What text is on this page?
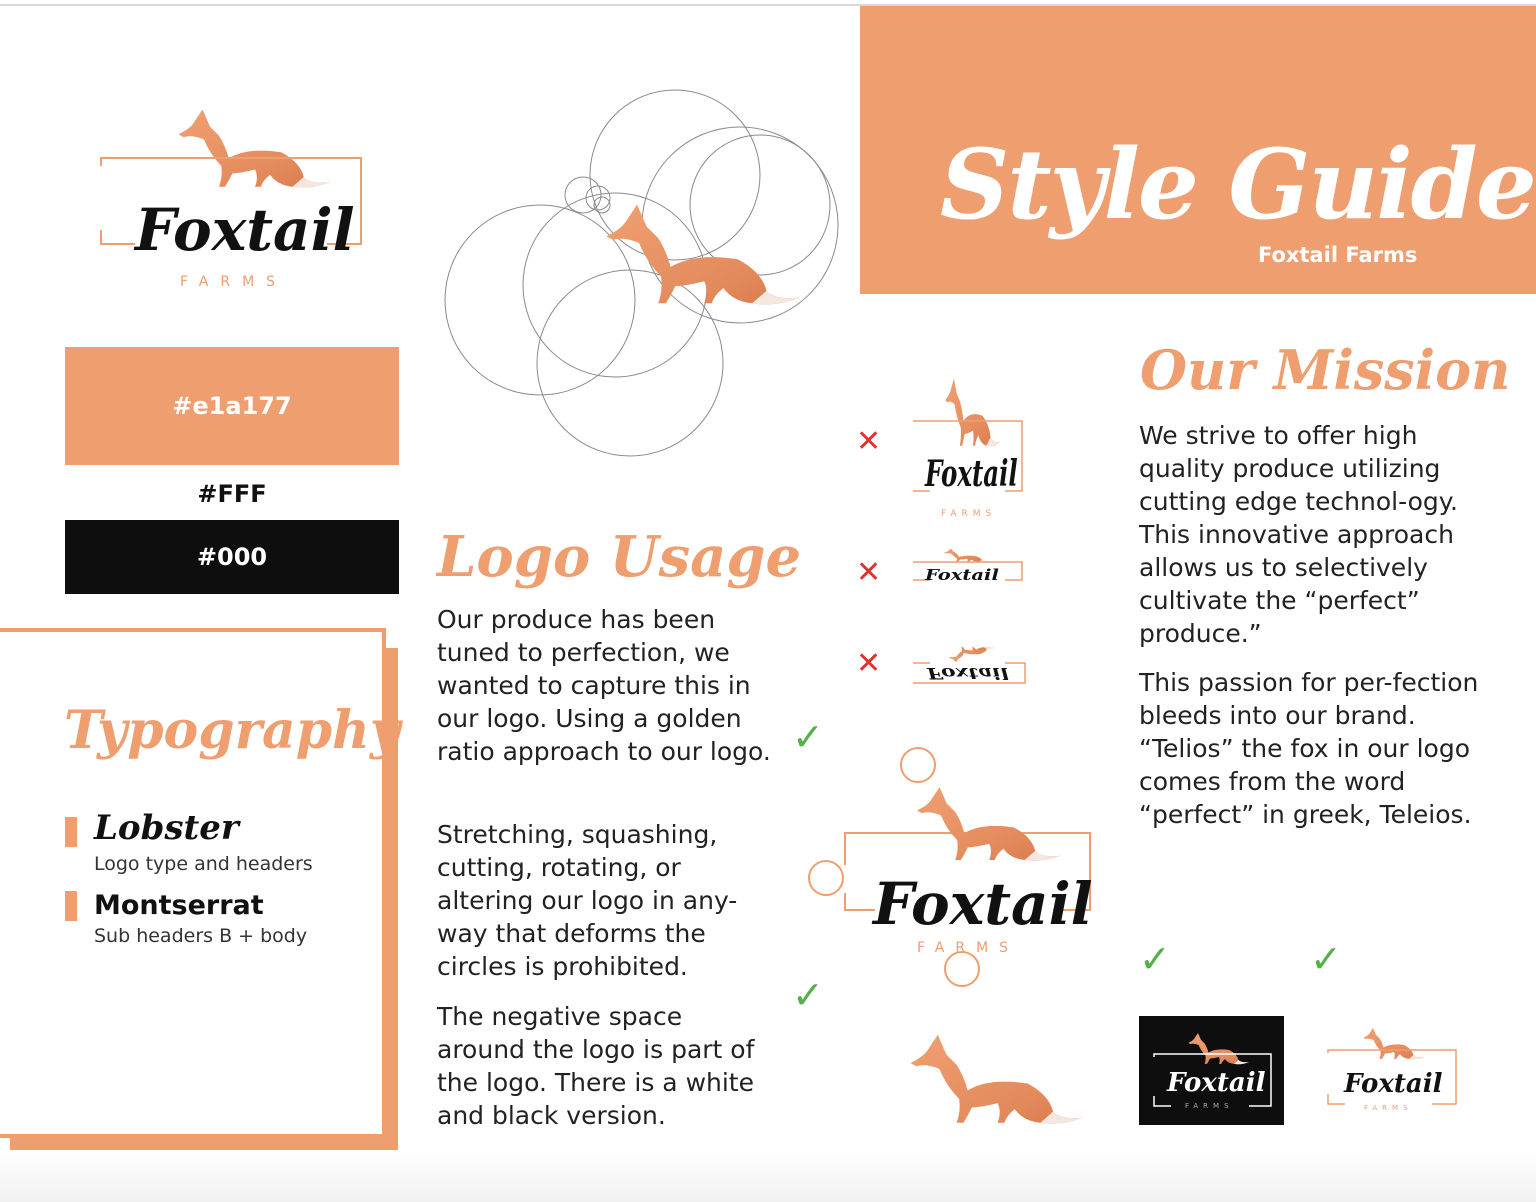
Style Guide
Foxtail Farms
Foxtail
FARMS
#e1a177
#FFF
#000
Typography
Lobster
Logo type and headers
Montserrat
Sub headers B + body
Logo Usage
Our produce has been tuned to perfection, we wanted to capture this in our logo. Using a golden ratio approach to our logo.
Stretching, squashing, cutting, rotating, or altering our logo in any-way that deforms the circles is prohibited.
The negative space around the logo is part of the logo. There is a white and black version.
✕
Foxtail
FARMS
✕	Foxtail
✕	Foxtail
✓
Foxtail
FARMS
✓
Our Mission
We strive to offer high quality produce utilizing cutting edge technol-ogy. This innovative approach allows us to selectively cultivate the “perfect” produce.”
This passion for per-fection bleeds into our brand. “Telios” the fox in our logo comes from the word “perfect” in greek, Teleios.
✓	✓
Foxtail
FARMS
Foxtail
FARMS
